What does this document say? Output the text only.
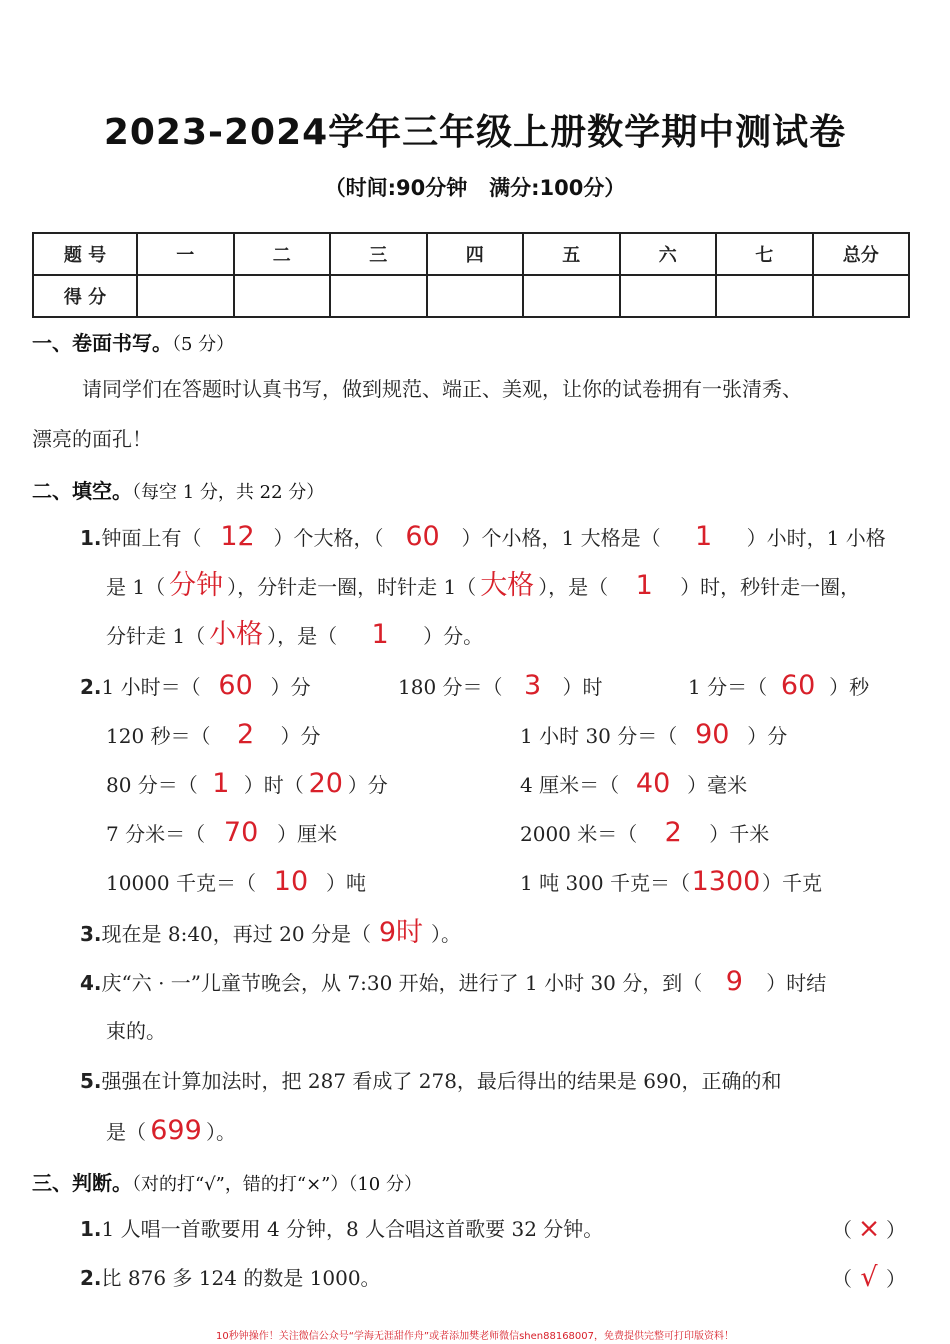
2023-2024学年三年级上册数学期中测试卷
（时间:90分钟   满分:100分）
题 号	一	二	三	四	五	六	七	总分
得 分								
一、卷面书写。（5 分）
请同学们在答题时认真书写，做到规范、端正、美观，让你的试卷拥有一张清秀、
漂亮的面孔！
二、填空。（每空 1 分，共 22 分）
1.钟面上有（ 12 ）个大格，（ 60 ）个小格，1 大格是（ 1 ）小时，1 小格
是 1（ 分钟 ），分针走一圈，时针走 1（ 大格 ），是（ 1 ）时，秒针走一圈，
分针走 1（ 小格 ），是（ 1 ）分。
2.1 小时＝（ 60 ）分	180 分＝（ 3 ）时	1 分＝（ 60 ）秒
120 秒＝（ 2 ）分	1 小时 30 分＝（ 90 ）分
80 分＝（ 1 ）时（ 20 ）分	4 厘米＝（ 40 ）毫米
7 分米＝（ 70 ）厘米	2000 米＝（ 2 ）千米
10000 千克＝（ 10 ）吨	1 吨 300 千克＝（1300）千克
3.现在是 8:40，再过 20 分是（ 9时 ）。
4.庆“六 · 一”儿童节晚会，从 7:30 开始，进行了 1 小时 30 分，到（ 9 ）时结
束的。
5.强强在计算加法时，把 287 看成了 278，最后得出的结果是 690，正确的和
是（ 699 ）。
三、判断。（对的打“√”，错的打“×”）（10 分）
1.1 人唱一首歌要用 4 分钟，8 人合唱这首歌要 32 分钟。	（ × ）
2.比 876 多 124 的数是 1000。	（ √ ）
10秒钟操作！关注微信公众号“学海无涯甜作舟”或者添加樊老师微信shen88168007，免费提供完整可打印版资料！
